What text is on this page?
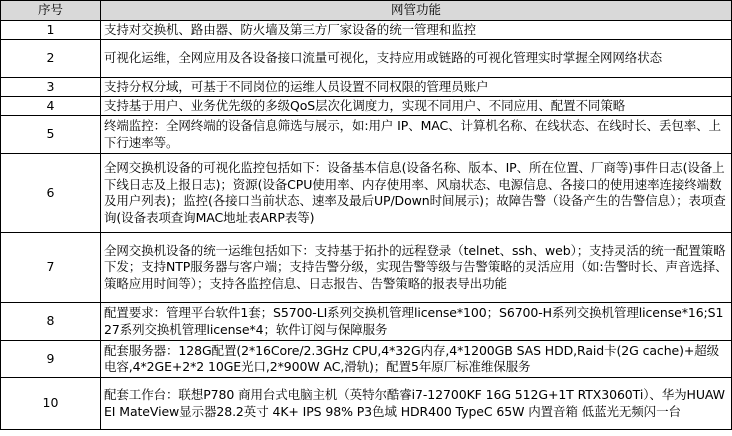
序号	网管功能
1	支持对交换机、路由器、防火墙及第三方厂家设备的统一管理和监控

2	可视化运维，全网应用及各设备接口流量可视化，支持应用或链路的可视化管理实时掌握全网网络状态

3	支持分权分域，可基于不同岗位的运维人员设置不同权限的管理员账户

4	支持基于用户、业务优先级的多级QoS层次化调度力，实现不同用户、不同应用、配置不同策略

5	终端监控：全网终端的设备信息筛选与展示，如:用户 IP、MAC、计算机名称、在线状态、在线时长、丢包率、上下行速率等。

6	全网交换机设备的可视化监控包括如下：设备基本信息(设备名称、版本、IP、所在位置、厂商等)事件日志(设备上下线日志及上报日志)；资源(设备CPU使用率、内存使用率、风扇状态、电源信息、各接口的使用速率连接终端数及用户列表)；监控(各接口当前状态、速率及最后UP/Down时间展示)；故障告警（设备产生的告警信息）；表项查询(设备表项查询MAC地址表ARP表等)

7	全网交换机设备的统一运维包括如下：支持基于拓扑的远程登录（telnet、ssh、web）；支持灵活的统一配置策略下发；支持NTP服务器与客户端；支持告警分级，实现告警等级与告警策略的灵活应用（如:告警时长、声音选择、策略应用时间等）；支持各监控信息、日志报告、告警策略的报表导出功能

8	配置要求：管理平台软件1套；S5700-LI系列交换机管理license*100；S6700-H系列交换机管理license*16;S127系列交换机管理license*4；软件订阅与保障服务

9	配套服务器：128G配置(2*16Core/2.3GHz CPU,4*32G内存,4*1200GB SAS HDD,Raid卡(2G cache)+超级电容,4*2GE+2*2 10GE光口,2*900W AC,滑轨)；配置5年原厂标准维保服务

10	配套工作台：联想P780 商用台式电脑主机（英特尔酷睿i7-12700KF 16G 512G+1T RTX3060Ti）、华为HUAWEI MateView显示器28.2英寸 4K+ IPS 98% P3色域 HDR400 TypeC 65W 内置音箱 低蓝光无频闪一台
